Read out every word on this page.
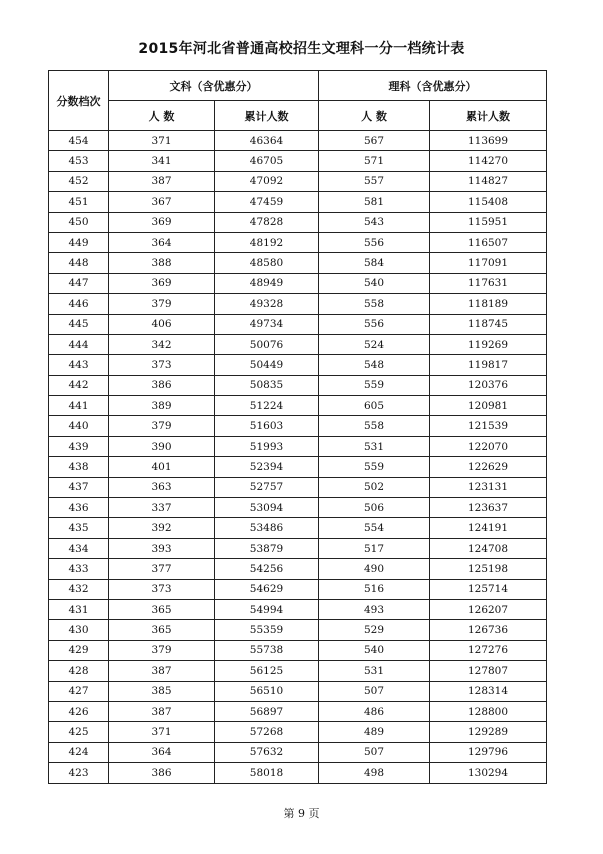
2015年河北省普通高校招生文理科一分一档统计表
分数档次	文科（含优惠分）		理科（含优惠分）	
	人 数	累计人数	人 数	累计人数
454	371	46364	567	113699
453	341	46705	571	114270
452	387	47092	557	114827
451	367	47459	581	115408
450	369	47828	543	115951
449	364	48192	556	116507
448	388	48580	584	117091
447	369	48949	540	117631
446	379	49328	558	118189
445	406	49734	556	118745
444	342	50076	524	119269
443	373	50449	548	119817
442	386	50835	559	120376
441	389	51224	605	120981
440	379	51603	558	121539
439	390	51993	531	122070
438	401	52394	559	122629
437	363	52757	502	123131
436	337	53094	506	123637
435	392	53486	554	124191
434	393	53879	517	124708
433	377	54256	490	125198
432	373	54629	516	125714
431	365	54994	493	126207
430	365	55359	529	126736
429	379	55738	540	127276
428	387	56125	531	127807
427	385	56510	507	128314
426	387	56897	486	128800
425	371	57268	489	129289
424	364	57632	507	129796
423	386	58018	498	130294
第 9 页
